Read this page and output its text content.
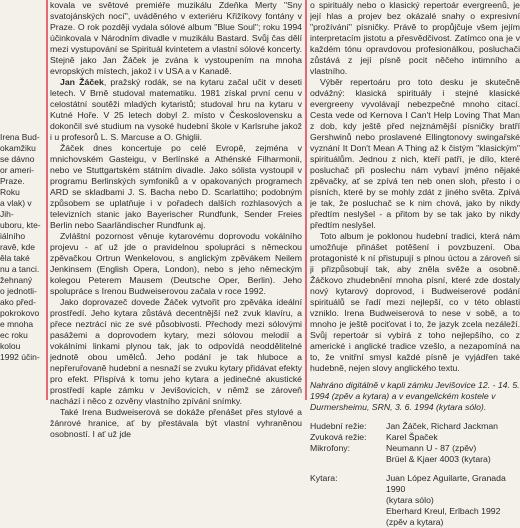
Irena Bud-
okamžiku
se dávno
or ameri-
Praze. Roku
a vlak) v Jih-
uboru, kte-
iálního
ravě, kde
ěla také
nu a tanci.
žehnaný
o jednotli-
ako před-
pokrokovo
e mnoha
ec roku
kolou
1992 účin-

kovala ve světové premiéře muzikálu Zdeňka Merty "Sny svatojánských nocí", uváděného v exteriéru Křižíkovy fontány v Praze. O rok později vydala sólové album "Blue Soul"; roku 1994 účinkovala v Národním divadle v muzikálu Bastard. Svůj čas dělí mezi vystupování se Spirituál kvintetem a vlastní sólové koncerty. Stejně jako Jan Žáček je zvána k vystoupením na mnoha evropských místech, jakož i v USA a v Kanadě.

Jan Žáček, pražský rodák, se na kytaru začal učit v deseti letech. V Brně studoval matematiku. 1981 získal první cenu v celostátní soutěži mladých kytaristů; studoval hru na kytaru v Kutné Hoře. V 25 letech dobyl 2. místo v Československu a dokončil své studium na vysoké hudební škole v Karlsruhe jakož i u profesorů L. S. Marcuse a O. Ghiglii.

Žáček dnes koncertuje po celé Evropě, zejména v mnichovském Gasteigu, v Berlínské a Athénské Filharmonii, nebo ve Stuttgartském státním divadle. Jako sólista vystoupil v programu Berlinských symfoniků a v opakovaných programech ARD se skladbami J. S. Bacha nebo D. Scarlattiho; podobným způsobem se uplatňuje i v pořadech dalších rozhlasových a televizních stanic jako Bayerischer Rundfunk, Sender Freies Berlin nebo Saarländischer Rundfunk aj.

Zvláštní pozornost věnuje kytarovému doprovodu vokálního projevu - ať už jde o pravidelnou spolupráci s německou zpěvačkou Ortrun Wenkelovou, s anglickým zpěvákem Neilem Jenkinsem (English Opera, London), nebo s jeho německým kolegou Peterem Mausem (Deutsche Oper, Berlin). Jeho spolupráce s Irenou Budweiserovou začala v roce 1992.

Jako doprovazeč dovede Žáček vytvořit pro zpěváka ideální prostředí. Jeho kytara zůstává decentnější než zvuk klavíru, a přece neztrácí nic ze své působivosti. Přechody mezi sólovými pasážemi a doprovodem kytary, mezi sólovou melodií a vokálními linkami plynou tak, jak to odpovídá neoddělitelné jednotě obou umělců. Jeho podání je tak hluboce a nepřeruřovaně hudební a nesnaží se zvuku kytary přidávat efekty pro efekt. Přispívá k tomu jeho kytara a jedinečné akustické prostředí kaple zámku v Jevišovicích, v němž se zároveň nachází i něco z ozvěny vlastního zpívání snímky.

Také Irena Budweiserová se dokáže přenášet přes stylové a žánrové hranice, ať by přestávala být vlastní vyhraněnou osobností. I ať už jde

o spirituály nebo o klasický repertoár evergreenů, je její hlas a projev bez okázalé snahy o expresivní "prožívání" písničky. Právě to propůjčuje všem jejím interpretacím jistotu a přesvědčivost. Zatímco ona je v každém tónu opravdovou profesionálkou, posluchači zůstává z její písně pocit něčeho intimního a vlastního.

Výběr repertoáru pro toto desku je skutečně odvážný: klasická spirituály i stejné klasické evergreeny vyvolávají nebezpečné mnoho citací. Cesta vede od Kernova I Can't Help Loving That Man z dob, kdy ještě před nejznámější písničky bratří Gershwinů nebo proslavené Ellingtonovy swingařské vyznání It Don't Mean A Thing až k čistým "klasickým" spirituálům. Jednou z nich, kteří patří, je dílo, které posluchač při poslechu nám vybaví jméno nějaké zpěvačky, ať se zpívá ten neb onen sloh, přesto i o písních, které by se mohly zdát z jiného světa. Zpívá je tak, že posluchač se k nim chová, jako by nikdy předtím neslyšel - a přitom by se tak jako by nikdy předtím neslyšel.

Toto album je poklonou hudební tradici, která nám umožňuje přinášet potěšení i povzbuzení. Oba protagonisté k ní přistupují s plnou úctou a zároveň si ji přizpůsobují tak, aby zněla svěže a osobně. Žáčkovo zhudebnění mnoha písní, které zde dostaly nový kytarový doprovod, i Budweiserové podání spirituálů se řadí mezi nejlepší, co v této oblasti vzniklo. Irena Budweiserová to nese v sobě, a to mnoho je ještě pociťovat i to, že jazyk zcela nezáleží. Svůj repertoár si vybírá z toho nejlepšího, co z americké i anglické tradice vzešlo, a nezapomíná na to, že vnitřní smysl každé písně je vyjádřen také hudebně, nejen slovy anglického textu.

Nahráno digitálně v kapli zámku Jevišovice 12. - 14. 5. 1994 (zpěv a kytara) a v evangelickém kostele v Durmersheimu, SRN, 3. 6. 1994 (kytara sólo).
Hudební režie:	Jan Žáček, Richard Jackman
Zvuková režie:	Karel Špaček
Mikrofony:	Neumann U - 87 (zpěv)
Brüel & Kjaer 4003 (kytara)
Kytara:	Juan López Aguilarte, Granada 1990
(kytara sólo)
Eberhard Kreul, Erlbach 1992
(zpěv a kytara)
